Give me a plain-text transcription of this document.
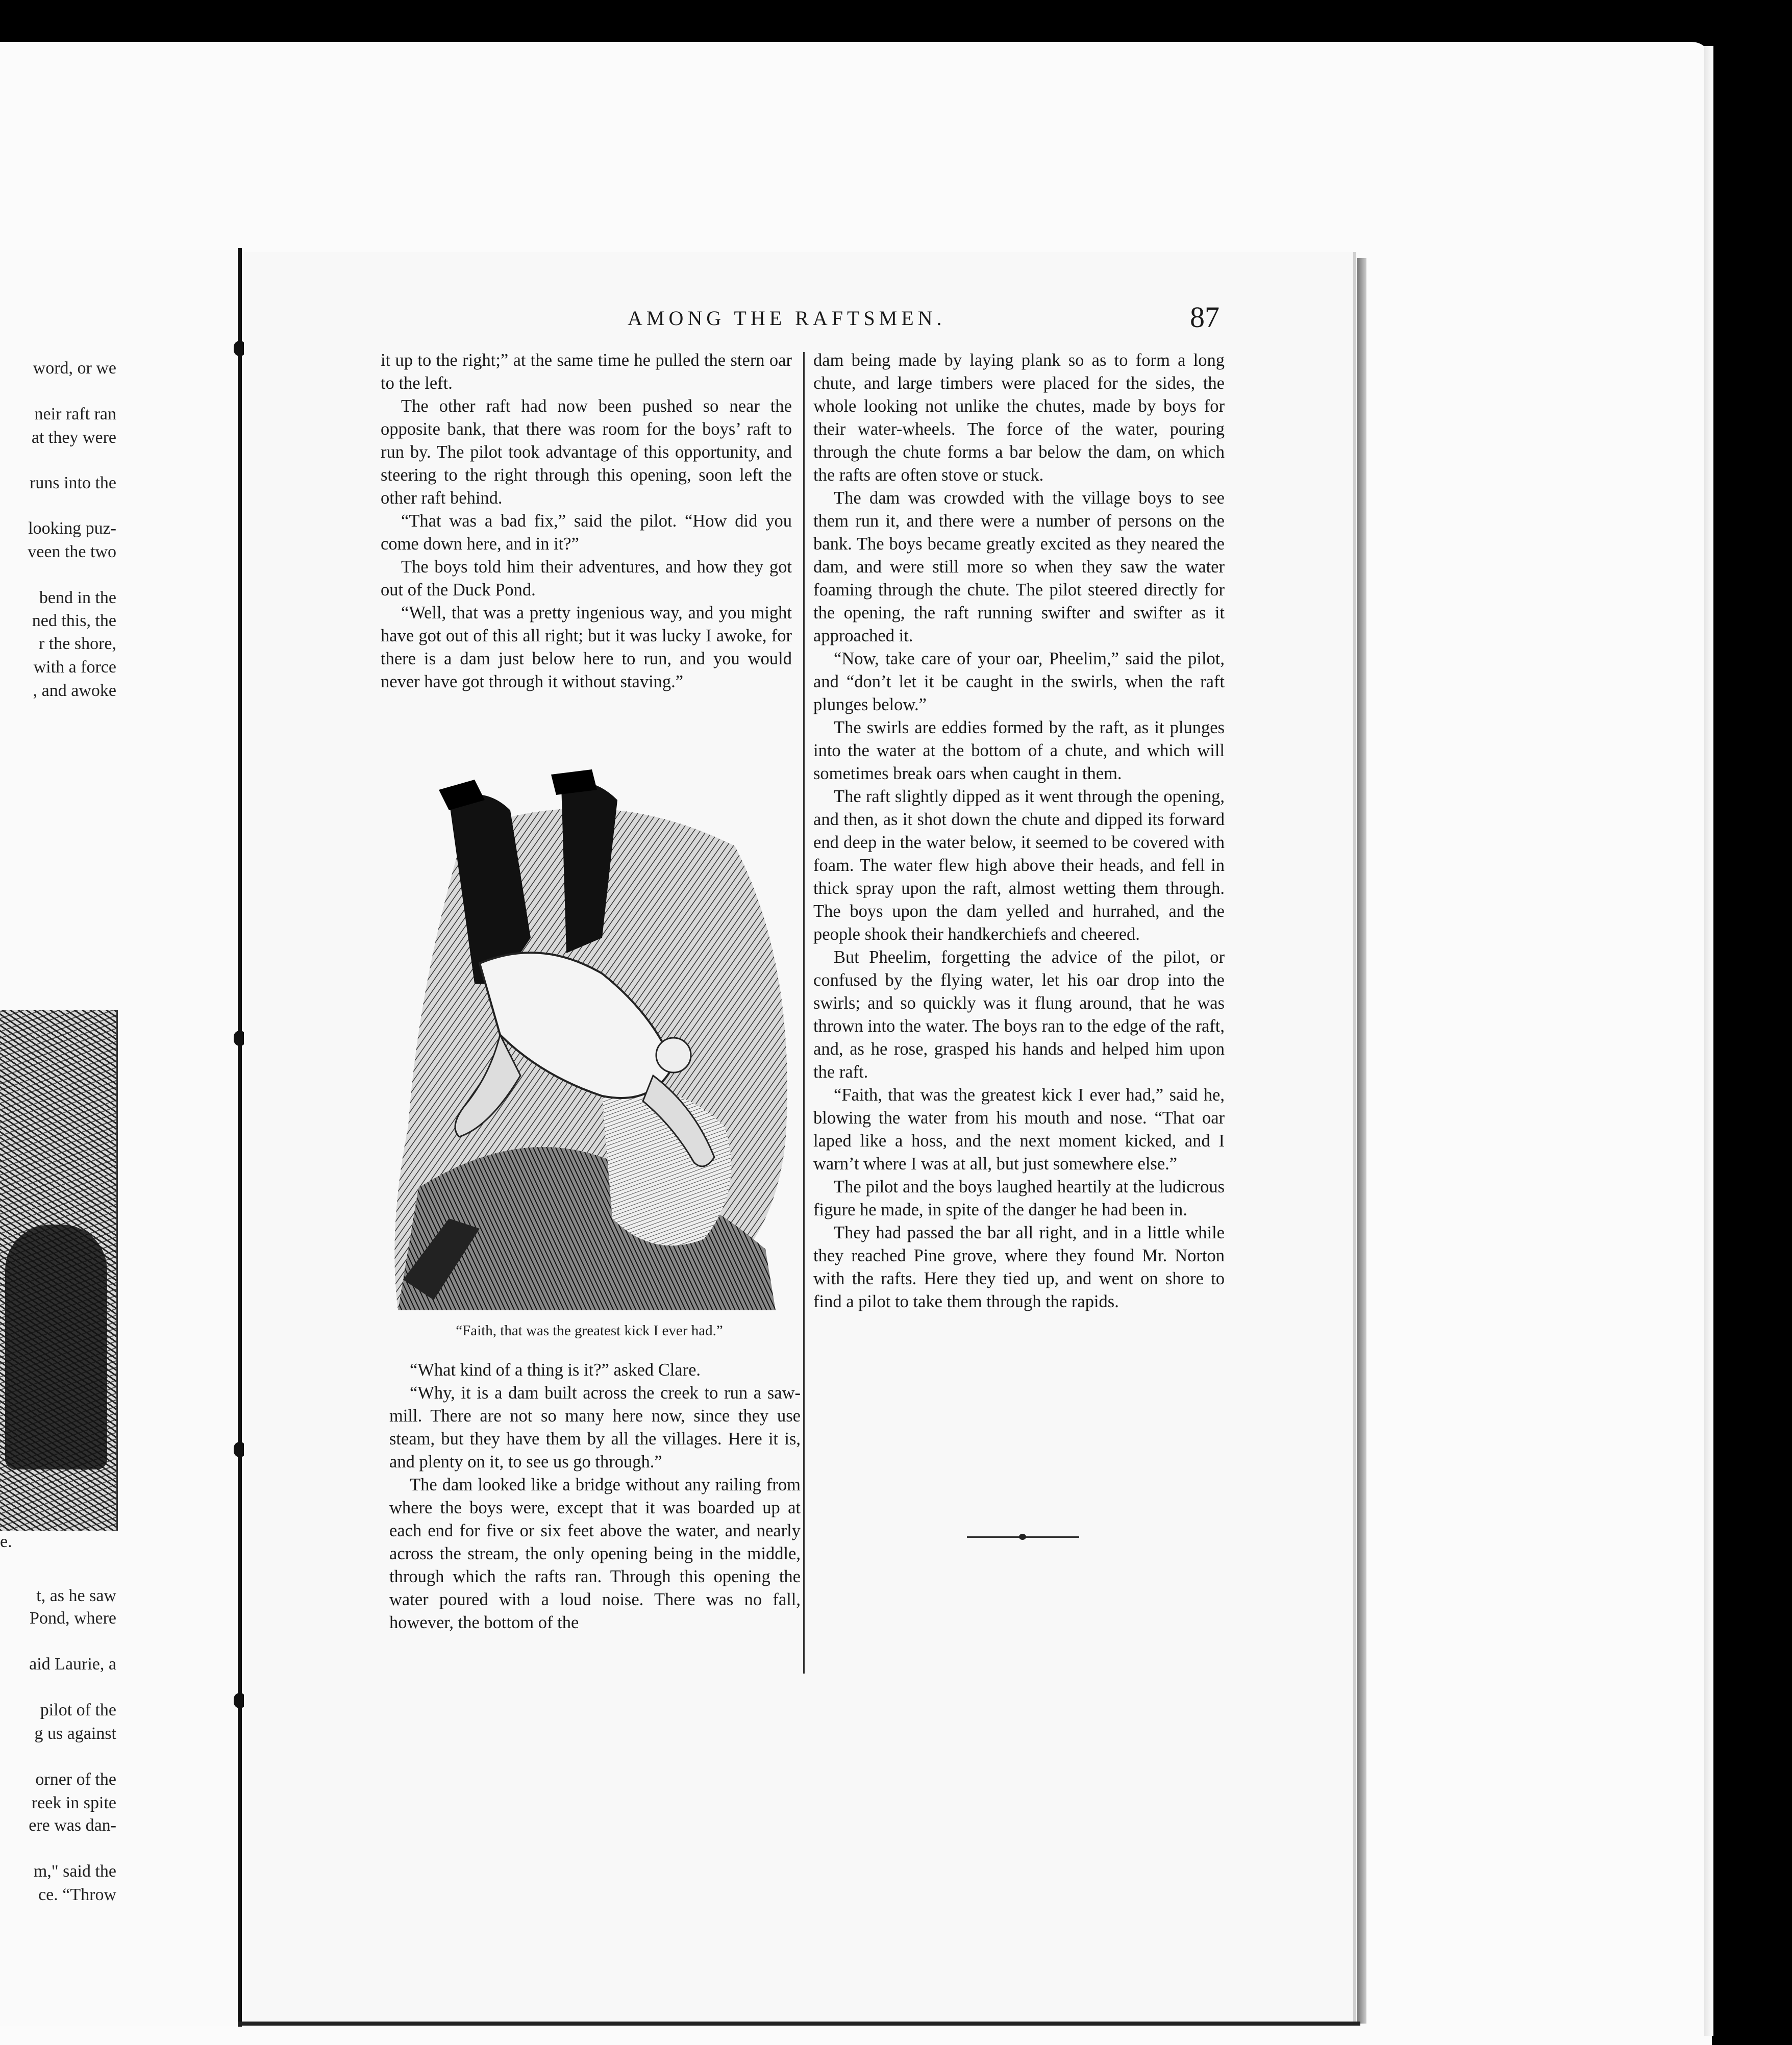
word, or we
neir raft ran
at they were
runs into the
looking puz-
veen the two
bend in the
ned this, the
r the shore,
with a force
, and awoke
e.
t, as he saw
Pond, where
aid Laurie, a
pilot of the
g us against
orner of the
reek in spite
ere was dan-
m," said the
ce. “Throw
AMONG THE RAFTSMEN.	87

it up to the right;” at the same time he pulled the stern oar to the left.

The other raft had now been pushed so near the opposite bank, that there was room for the boys’ raft to run by. The pilot took advantage of this opportunity, and steering to the right through this opening, soon left the other raft behind.

“That was a bad fix,” said the pilot. “How did you come down here, and in it?”

The boys told him their adventures, and how they got out of the Duck Pond.

“Well, that was a pretty ingenious way, and you might have got out of this all right; but it was lucky I awoke, for there is a dam just below here to run, and you would never have got through it without staving.”

“Faith, that was the greatest kick I ever had.”

“What kind of a thing is it?” asked Clare.

“Why, it is a dam built across the creek to run a saw-mill. There are not so many here now, since they use steam, but they have them by all the villages. Here it is, and plenty on it, to see us go through.”

The dam looked like a bridge without any railing from where the boys were, except that it was boarded up at each end for five or six feet above the water, and nearly across the stream, the only opening being in the middle, through which the rafts ran. Through this opening the water poured with a loud noise. There was no fall, however, the bottom of the

dam being made by laying plank so as to form a long chute, and large timbers were placed for the sides, the whole looking not unlike the chutes, made by boys for their water-wheels. The force of the water, pouring through the chute forms a bar below the dam, on which the rafts are often stove or stuck.

The dam was crowded with the village boys to see them run it, and there were a number of persons on the bank. The boys became greatly excited as they neared the dam, and were still more so when they saw the water foaming through the chute. The pilot steered directly for the opening, the raft running swifter and swifter as it approached it.

“Now, take care of your oar, Pheelim,” said the pilot, and “don’t let it be caught in the swirls, when the raft plunges below.”

The swirls are eddies formed by the raft, as it plunges into the water at the bottom of a chute, and which will sometimes break oars when caught in them.

The raft slightly dipped as it went through the opening, and then, as it shot down the chute and dipped its forward end deep in the water below, it seemed to be covered with foam. The water flew high above their heads, and fell in thick spray upon the raft, almost wetting them through. The boys upon the dam yelled and hurrahed, and the people shook their handkerchiefs and cheered.

But Pheelim, forgetting the advice of the pilot, or confused by the flying water, let his oar drop into the swirls; and so quickly was it flung around, that he was thrown into the water. The boys ran to the edge of the raft, and, as he rose, grasped his hands and helped him upon the raft.

“Faith, that was the greatest kick I ever had,” said he, blowing the water from his mouth and nose. “That oar laped like a hoss, and the next moment kicked, and I warn’t where I was at all, but just somewhere else.”

The pilot and the boys laughed heartily at the ludicrous figure he made, in spite of the danger he had been in.

They had passed the bar all right, and in a little while they reached Pine grove, where they found Mr. Norton with the rafts. Here they tied up, and went on shore to find a pilot to take them through the rapids.
